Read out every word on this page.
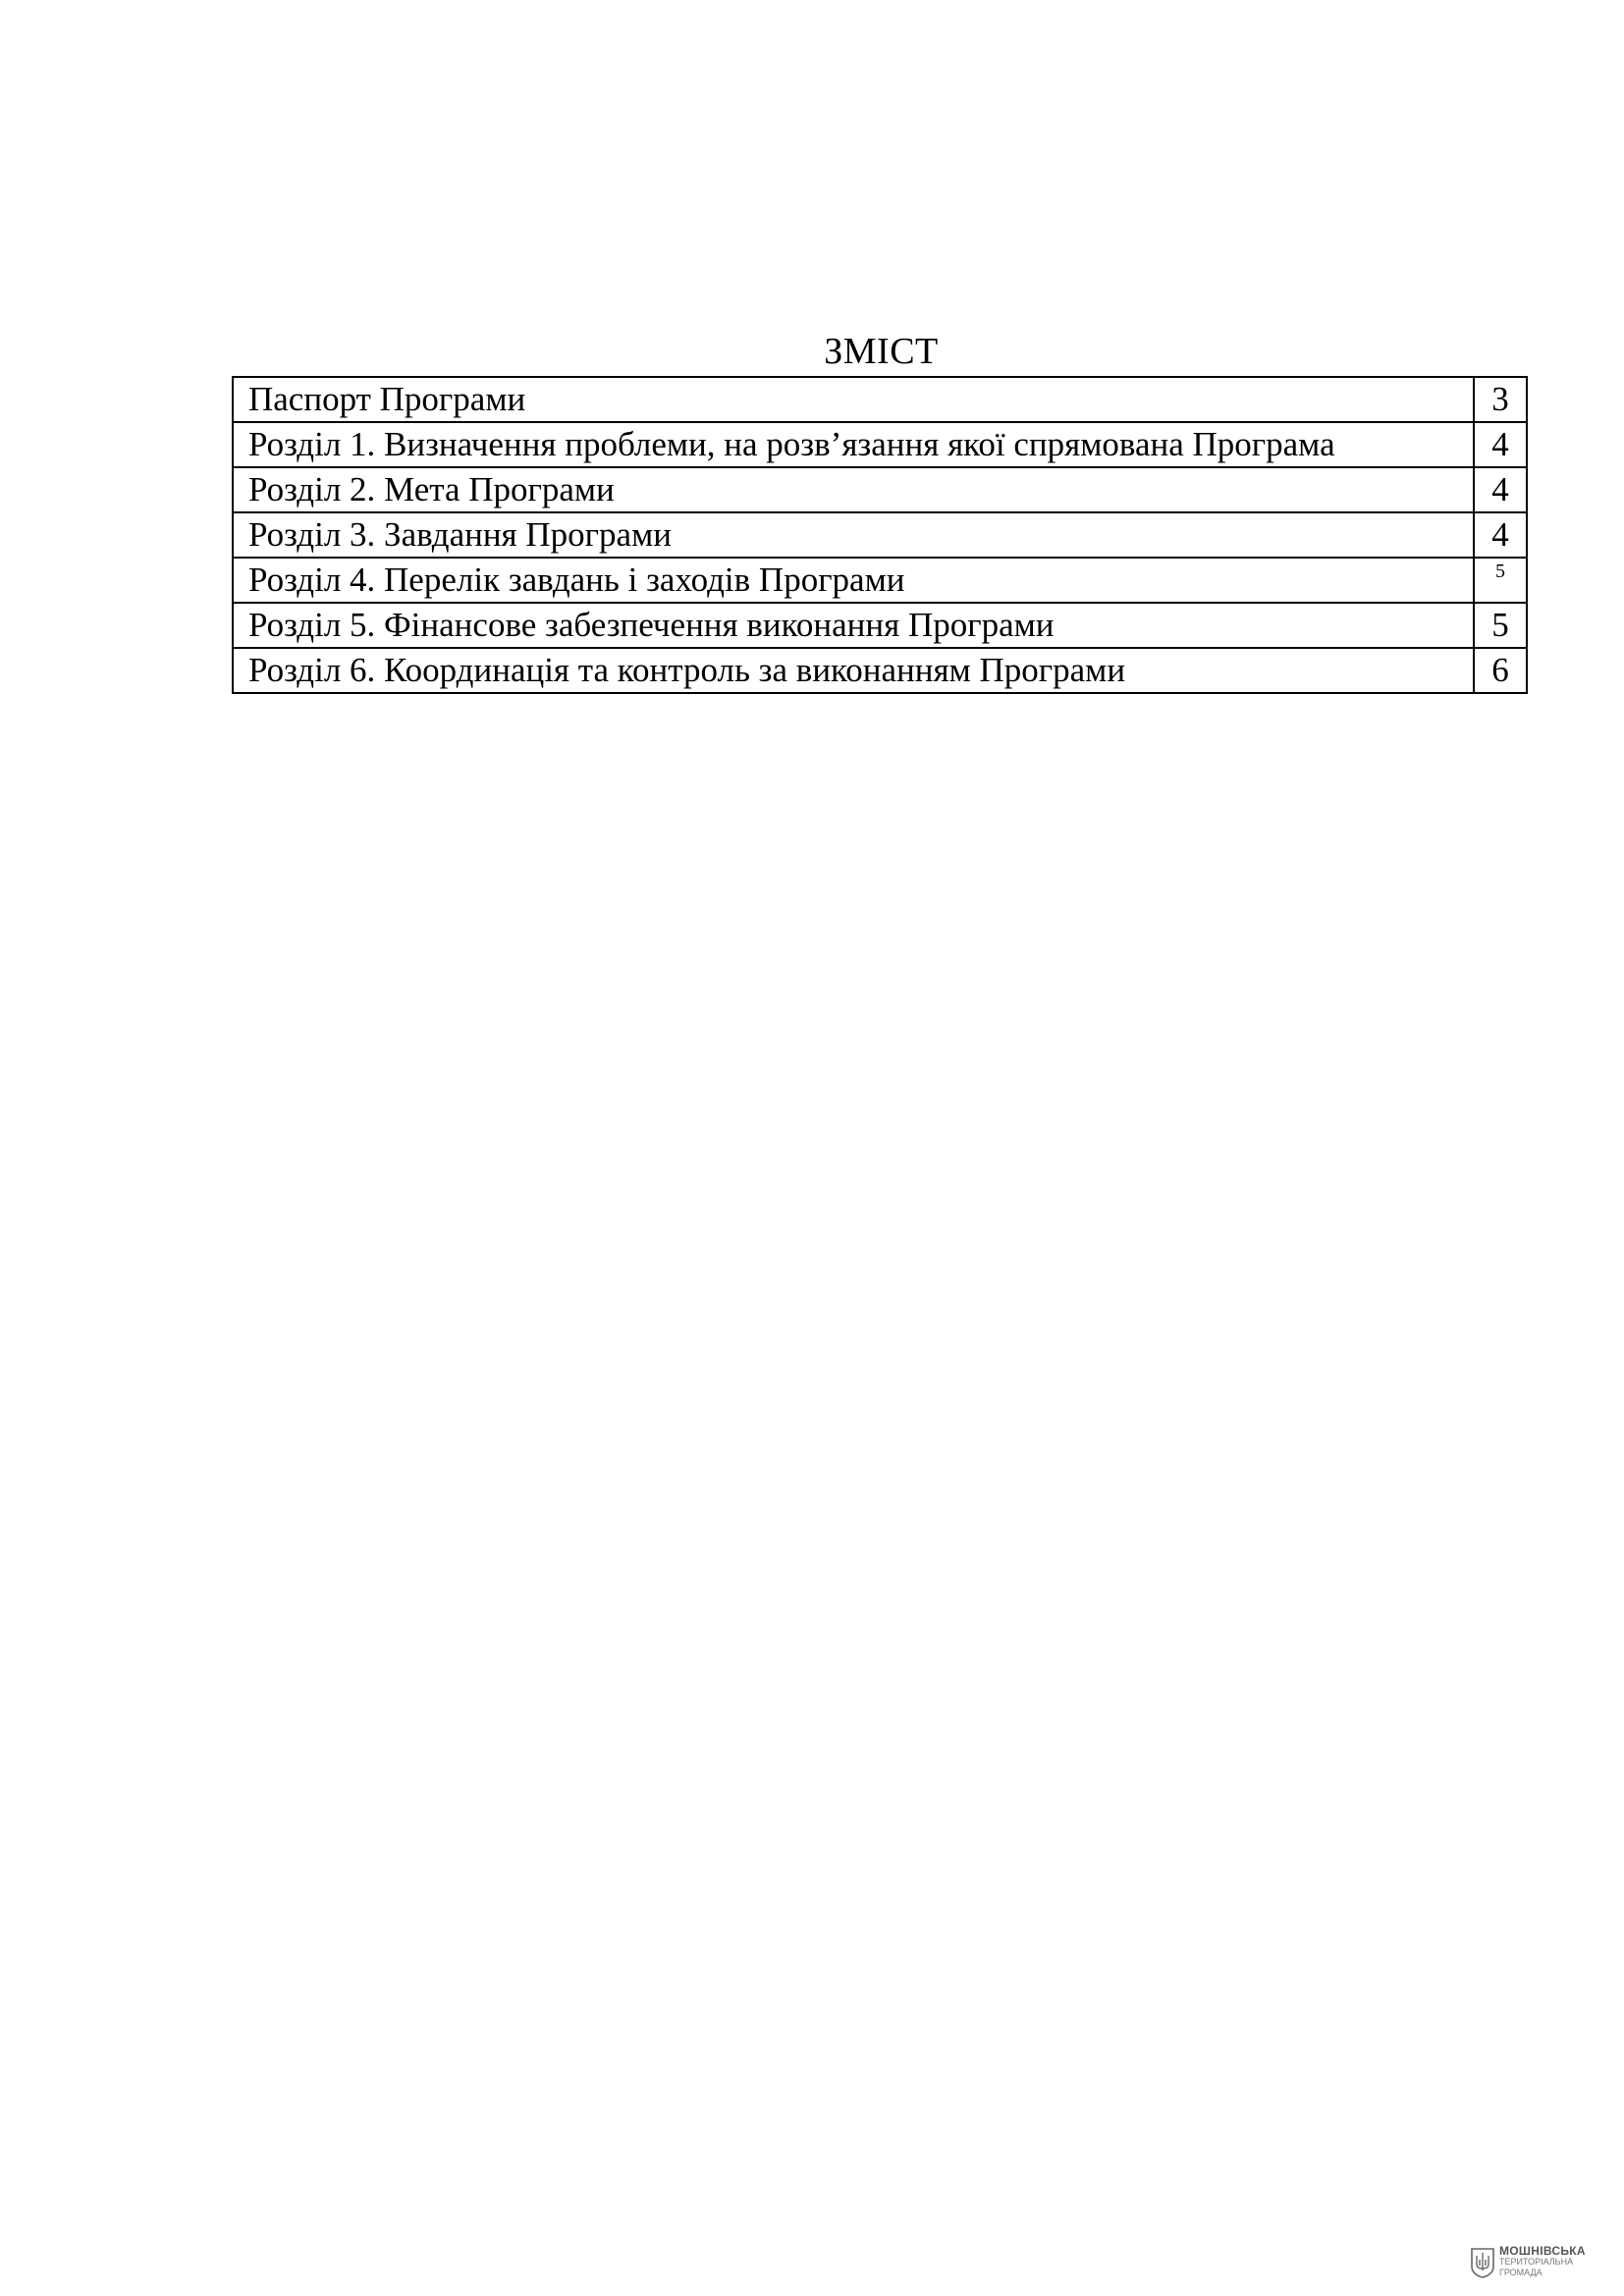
ЗМІСТ
Паспорт Програми	3
Розділ 1. Визначення проблеми, на розв’язання якої спрямована Програма	4
Розділ 2. Мета Програми	4
Розділ 3. Завдання Програми	4
Розділ 4. Перелік завдань і заходів Програми	5
Розділ 5. Фінансове забезпечення виконання Програми	5
Розділ 6. Координація та контроль за виконанням Програми	6
МОШНІВСЬКА
ТЕРИТОРІАЛЬНА
ГРОМАДА
